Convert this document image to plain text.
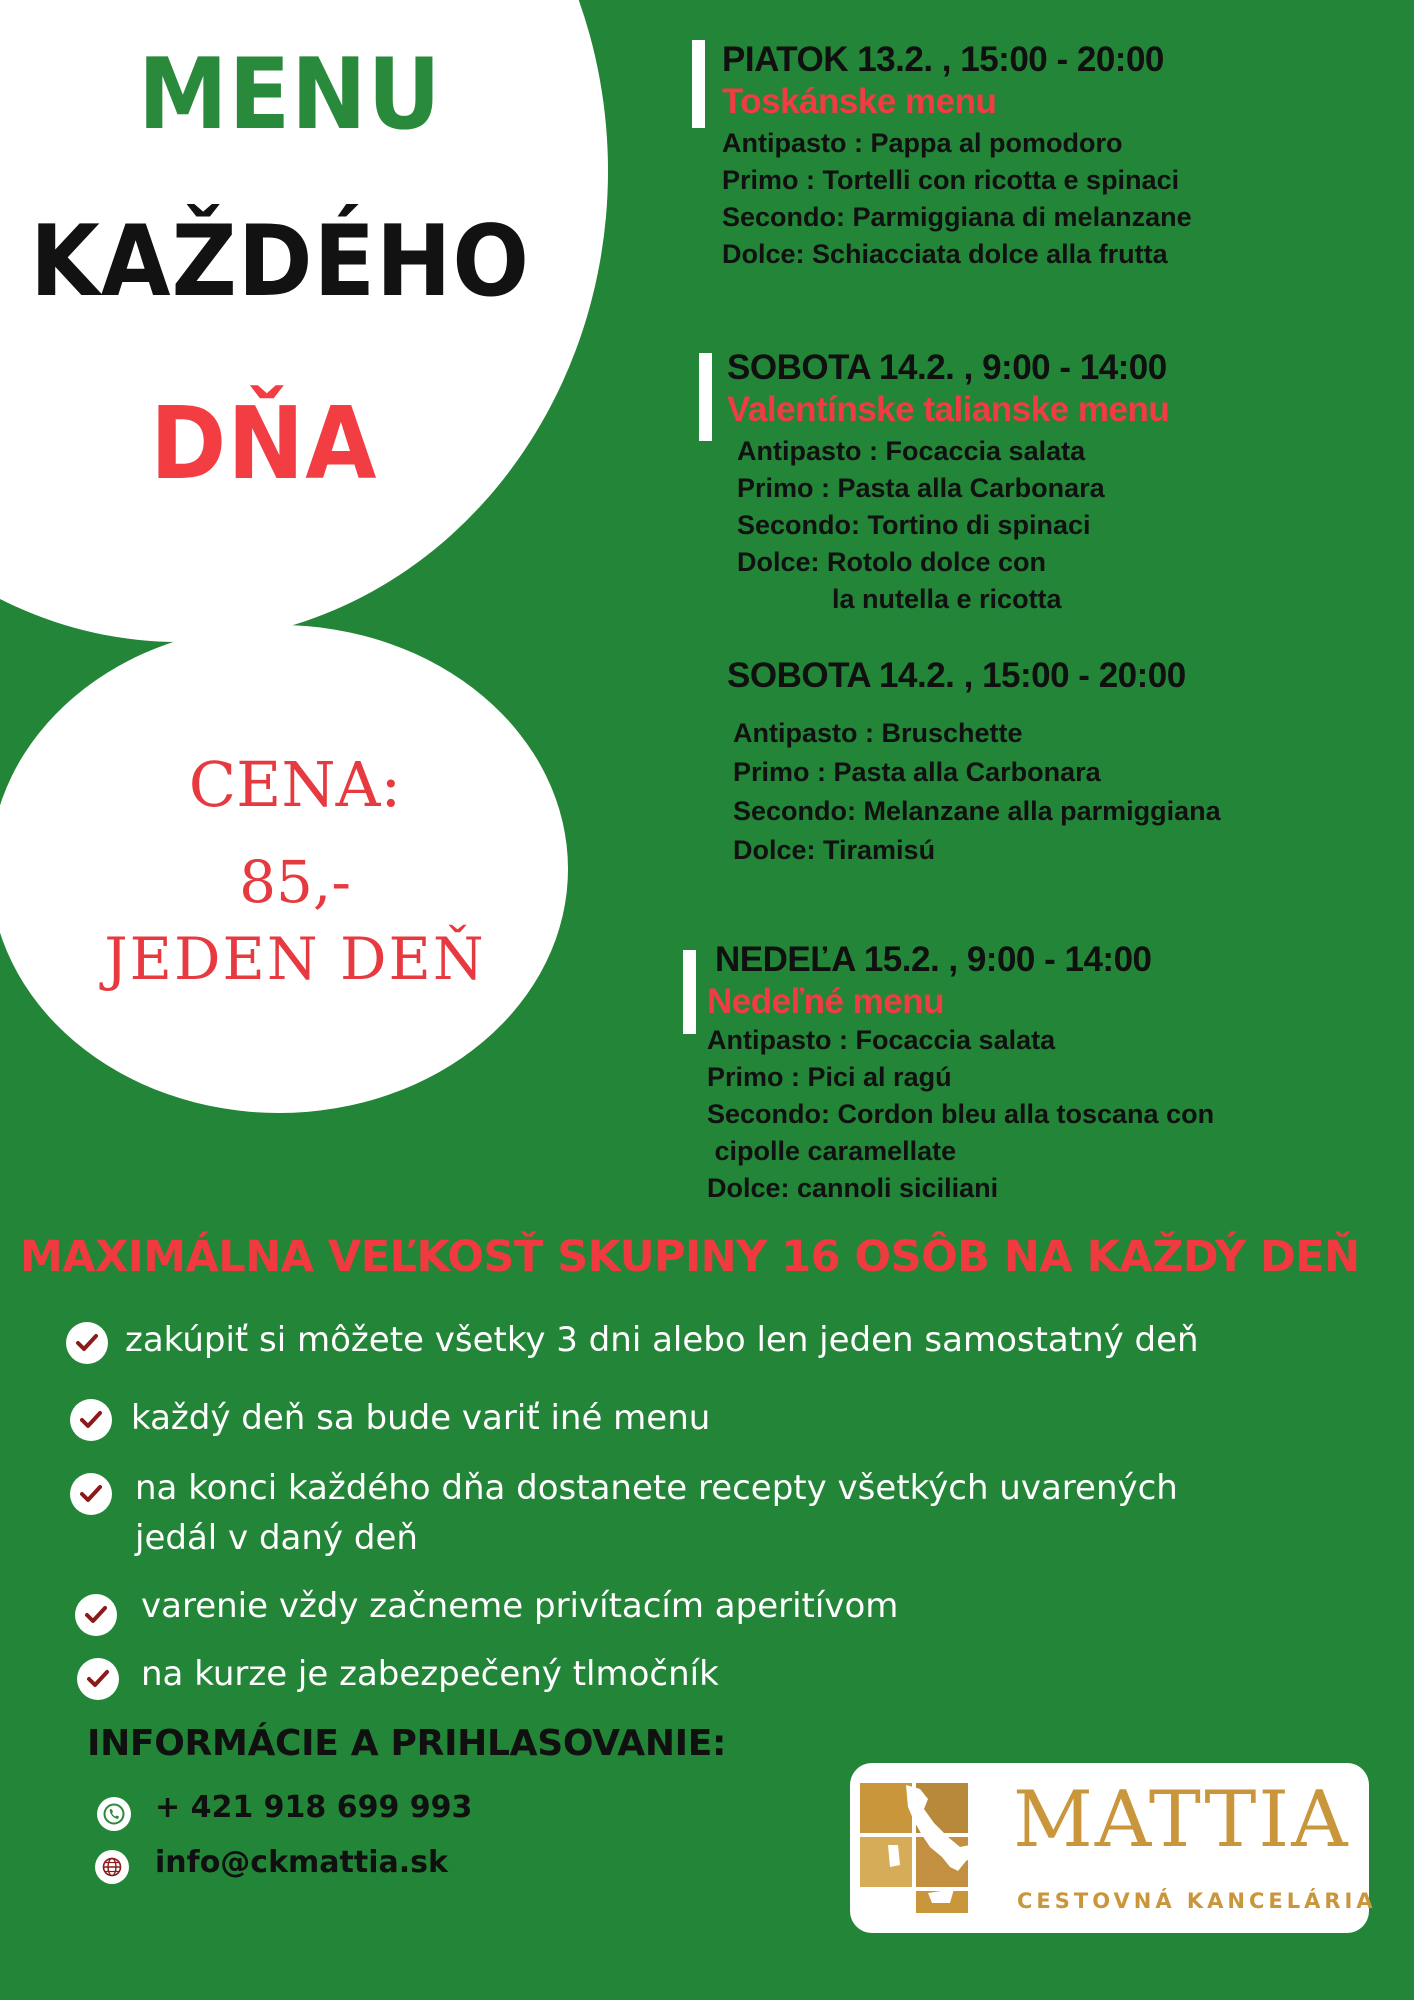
MENU
KAŽDÉHO
DŇA
CENA:
85,-
JEDEN DEŇ
PIATOK 13.2. , 15:00 - 20:00
Toskánske menu
Antipasto : Pappa al pomodoro
Primo : Tortelli con ricotta e spinaci
Secondo: Parmiggiana di melanzane
Dolce: Schiacciata dolce alla frutta
SOBOTA 14.2. , 9:00 - 14:00
Valentínske talianske menu
Antipasto : Focaccia salata
Primo : Pasta alla Carbonara
Secondo: Tortino di spinaci
Dolce: Rotolo dolce con
la nutella e ricotta
SOBOTA 14.2. , 15:00 - 20:00
Antipasto : Bruschette
Primo : Pasta alla Carbonara
Secondo: Melanzane alla parmiggiana
Dolce: Tiramisú
NEDEĽA 15.2. , 9:00 - 14:00
Nedeľné menu
Antipasto : Focaccia salata
Primo : Pici al ragú
Secondo: Cordon bleu alla toscana con
cipolle caramellate
Dolce: cannoli siciliani
MAXIMÁLNA VEĽKOSŤ SKUPINY 16 OSÔB NA KAŽDÝ DEŇ
zakúpiť si môžete všetky 3 dni alebo len jeden samostatný deň
každý deň sa bude variť iné menu
na konci každého dňa dostanete recepty všetkých uvarených
jedál v daný deň
varenie vždy začneme privítacím aperitívom
na kurze je zabezpečený tlmočník
INFORMÁCIE A PRIHLASOVANIE:
+ 421 918 699 993
info@ckmattia.sk	MATTIA
CESTOVNÁ KANCELÁRIA
